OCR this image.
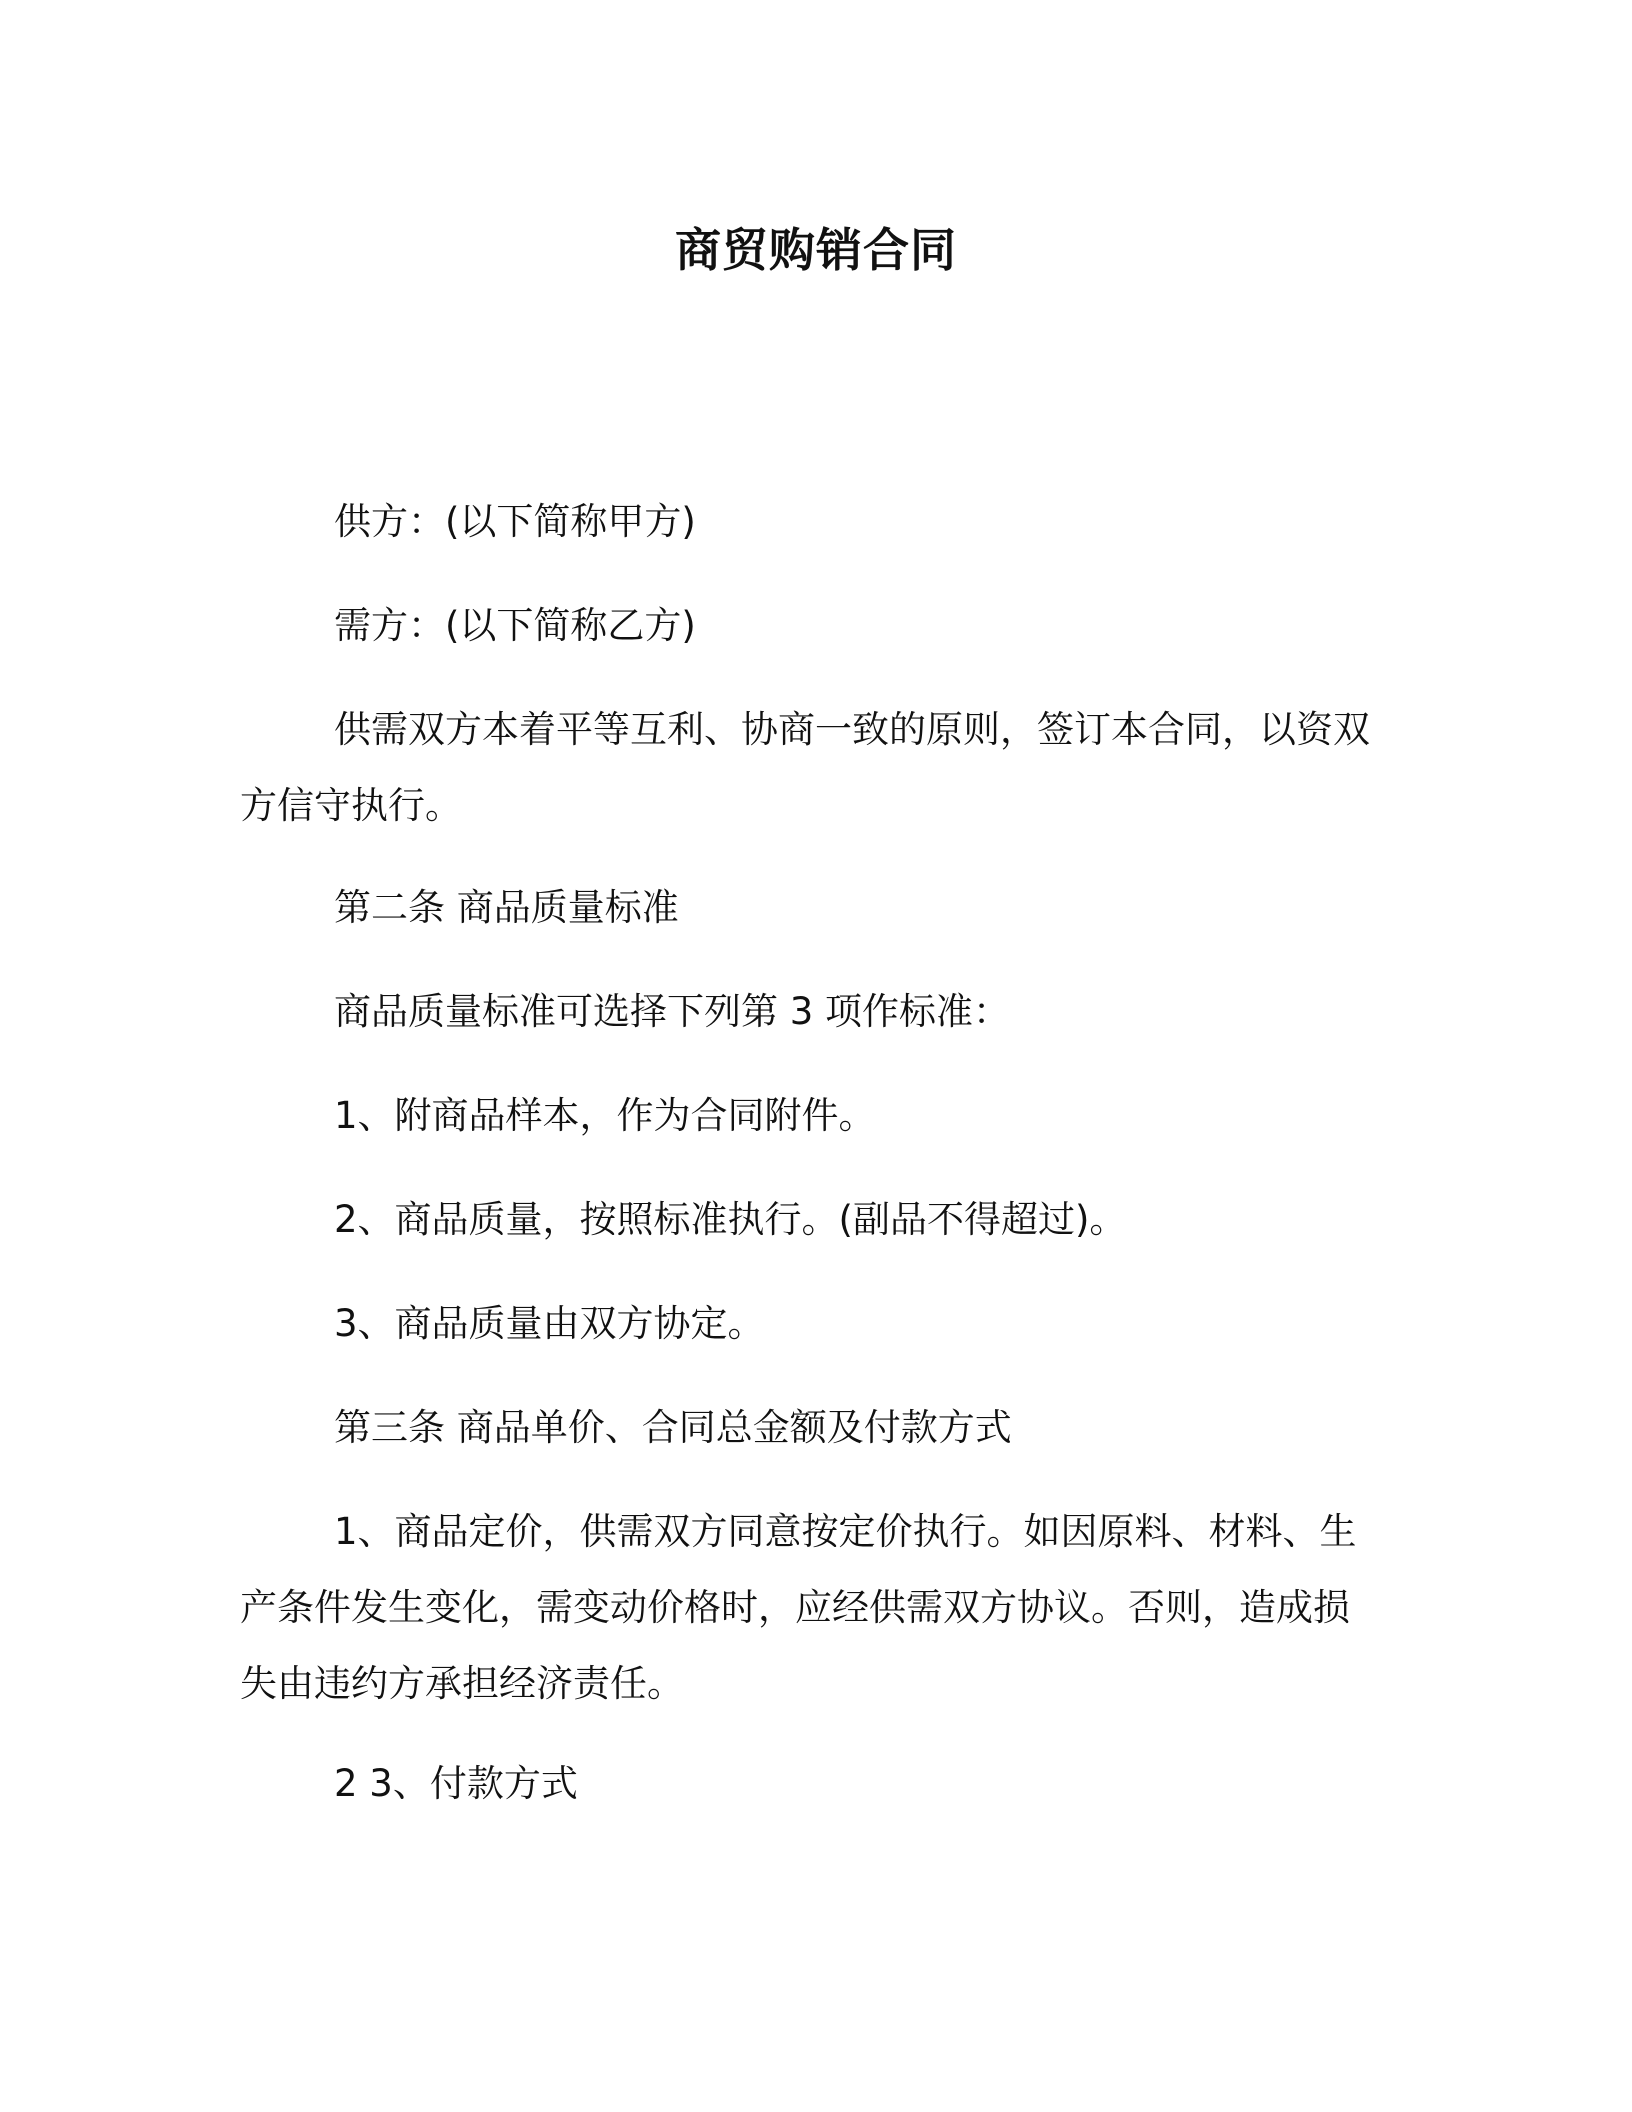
商贸购销合同

供方：(以下简称甲方)

需方：(以下简称乙方)

供需双方本着平等互利、协商一致的原则，签订本合同，以资双
方信守执行。

第二条 商品质量标准

商品质量标准可选择下列第 3 项作标准：

1、附商品样本，作为合同附件。

2、商品质量，按照标准执行。(副品不得超过)。

3、商品质量由双方协定。

第三条 商品单价、合同总金额及付款方式

1、商品定价，供需双方同意按定价执行。如因原料、材料、生
产条件发生变化，需变动价格时，应经供需双方协议。否则，造成损
失由违约方承担经济责任。

2 3、付款方式
